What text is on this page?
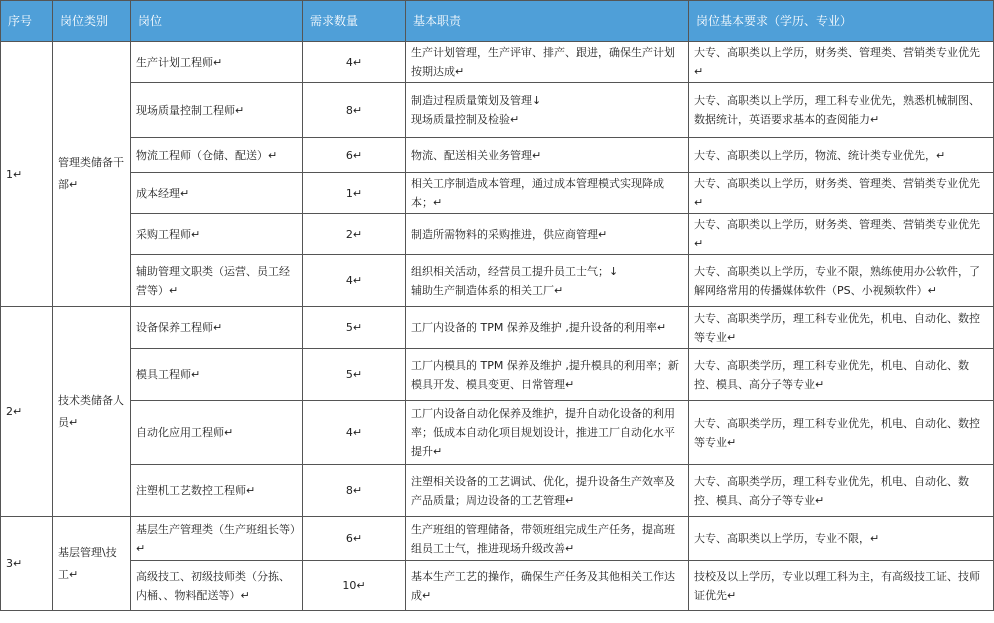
序号	岗位类别	岗位	需求数量	基本职责	岗位基本要求（学历、专业）
1↵	管理类储备干部↵	生产计划工程师↵	4↵	生产计划管理，生产评审、排产、跟进，确保生产计划按期达成↵	大专、高职类以上学历，财务类、管理类、营销类专业优先↵
		现场质量控制工程师↵	8↵	制造过程质量策划及管理↓
现场质量控制及检验↵	大专、高职类以上学历，理工科专业优先，熟悉机械制图、数据统计，英语要求基本的查阅能力↵
		物流工程师（仓储、配送）↵	6↵	物流、配送相关业务管理↵	大专、高职类以上学历，物流、统计类专业优先，↵
		成本经理↵	1↵	相关工序制造成本管理，通过成本管理模式实现降成本；↵	大专、高职类以上学历，财务类、管理类、营销类专业优先↵
		采购工程师↵	2↵	制造所需物料的采购推进，供应商管理↵	大专、高职类以上学历，财务类、管理类、营销类专业优先↵
		辅助管理文职类（运营、员工经营等）↵	4↵	组织相关活动，经营员工提升员工士气；↓
辅助生产制造体系的相关工厂↵	大专、高职类以上学历，专业不限，熟练使用办公软件，了解网络常用的传播媒体软件（PS、小视频软件）↵
2↵	技术类储备人员↵	设备保养工程师↵	5↵	工厂内设备的 TPM 保养及维护 ,提升设备的利用率↵	大专、高职类学历，理工科专业优先，机电、自动化、数控等专业↵
		模具工程师↵	5↵	工厂内模具的 TPM 保养及维护 ,提升模具的利用率；新模具开发、模具变更、日常管理↵	大专、高职类学历，理工科专业优先，机电、自动化、数控、模具、高分子等专业↵
		自动化应用工程师↵	4↵	工厂内设备自动化保养及维护，提升自动化设备的利用率；低成本自动化项目规划设计，推进工厂自动化水平提升↵	大专、高职类学历，理工科专业优先，机电、自动化、数控等专业↵
		注塑机工艺数控工程师↵	8↵	注塑相关设备的工艺调试、优化，提升设备生产效率及产品质量；周边设备的工艺管理↵	大专、高职类学历，理工科专业优先，机电、自动化、数控、模具、高分子等专业↵
3↵	基层管理\技工↵	基层生产管理类（生产班组长等）↵	6↵	生产班组的管理储备，带领班组完成生产任务，提高班组员工士气，推进现场升级改善↵	大专、高职类以上学历，专业不限，↵
		高级技工、初级技师类（分拣、内桶、、物料配送等）↵	10↵	基本生产工艺的操作，确保生产任务及其他相关工作达成↵	技校及以上学历，专业以理工科为主，有高级技工证、技师证优先↵
